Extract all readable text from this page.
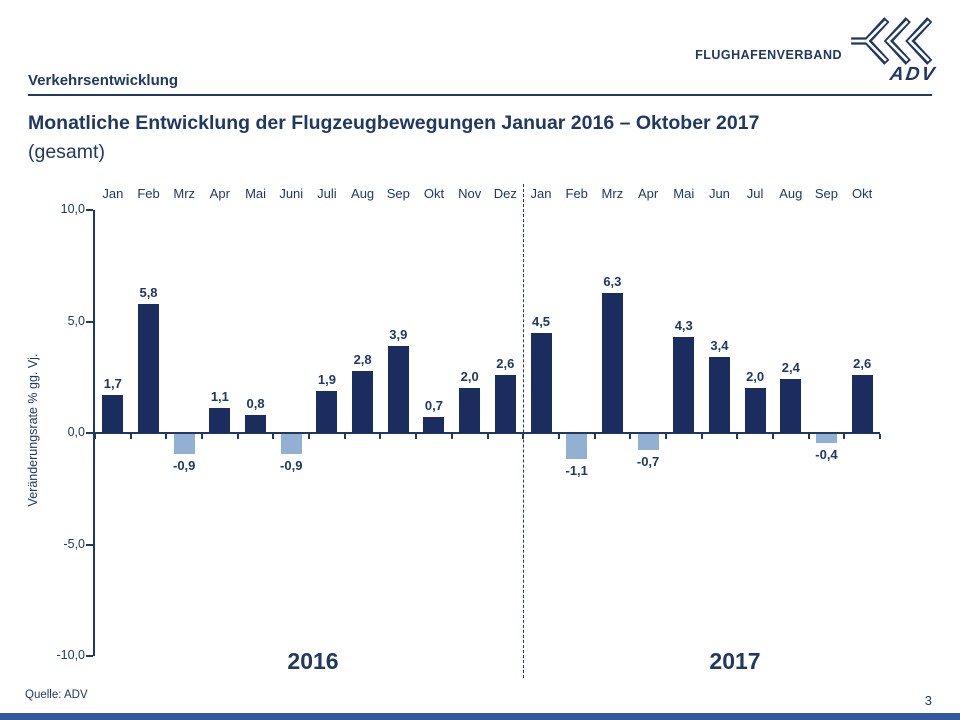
FLUGHAFENVERBAND
ADV
Verkehrsentwicklung
Monatliche Entwicklung der Flugzeugbewegungen Januar 2016 – Oktober 2017
(gesamt)
Veränderungsrate % gg. Vj.
10,0
5,0
0,0
-5,0
-10,0
Jan
1,7
Feb
5,8
Mrz
-0,9
Apr
1,1
Mai
0,8
Juni
-0,9
Juli
1,9
Aug
2,8
Sep
3,9
Okt
0,7
Nov
2,0
Dez
2,6
2016
Jan
4,5
Feb
-1,1
Mrz
6,3
Apr
-0,7
Mai
4,3
Jun
3,4
Jul
2,0
Aug
2,4
Sep
-0,4
Okt
2,6
2017
Quelle: ADV	3
